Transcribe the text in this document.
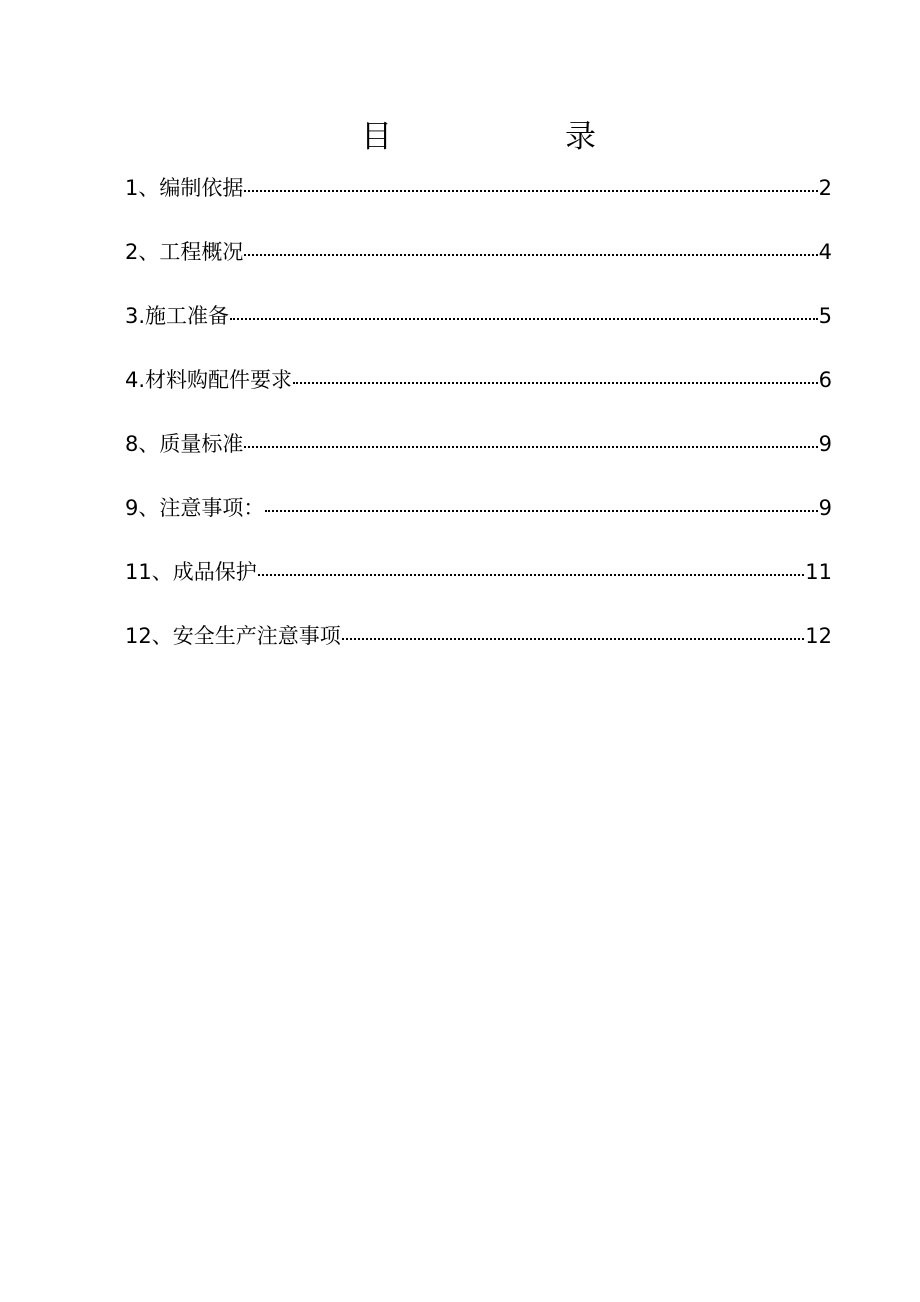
目	录
1、编制依据	2
2、工程概况	4
3.施工准备	5
4.材料购配件要求	6
8、质量标准	9
9、注意事项：	9
11、成品保护	11
12、安全生产注意事项	12
